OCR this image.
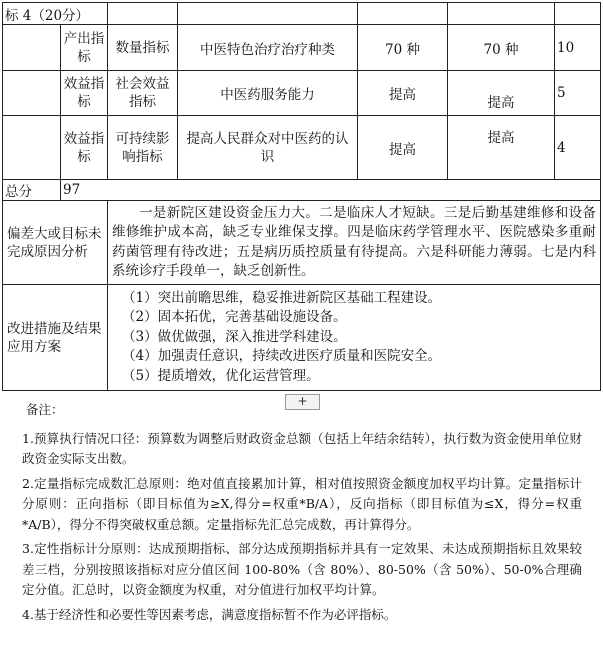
标 4（20分）						
	产出指标	数量指标	中医特色治疗治疗种类	70 种	70 种	10
	效益指标	社会效益指标	中医药服务能力	提高	提高	5
	效益指标	可持续影响指标	提高人民群众对中医药的认识	提高	提高	4
总分	97					
偏差大或目标未完成原因分析		一是新院区建设资金压力大。二是临床人才短缺。三是后勤基建维修和设备维修维护成本高，缺乏专业维保支撑。四是临床药学管理水平、医院感染多重耐药菌管理有待改进；五是病历质控质量有待提高。六是科研能力薄弱。七是内科系统诊疗手段单一，缺乏创新性。				
改进措施及结果应用方案		（1）突出前瞻思维，稳妥推进新院区基础工程建设。
（2）固本拓优，完善基础设施设备。
（3）做优做强，深入推进学科建设。
（4）加强责任意识，持续改进医疗质量和医院安全。
（5）提质增效，优化运营管理。				
+

备注：

1.预算执行情况口径：预算数为调整后财政资金总额（包括上年结余结转），执行数为资金使用单位财政资金实际支出数。

2.定量指标完成数汇总原则：绝对值直接累加计算，相对值按照资金额度加权平均计算。定量指标计分原则：正向指标（即目标值为≥X,得分=权重*B/A），反向指标（即目标值为≤X，得分=权重*A/B），得分不得突破权重总额。定量指标先汇总完成数，再计算得分。

3.定性指标计分原则：达成预期指标、部分达成预期指标并具有一定效果、未达成预期指标且效果较差三档，分别按照该指标对应分值区间 100-80%（含 80%）、80-50%（含 50%）、50-0%合理确定分值。汇总时，以资金额度为权重，对分值进行加权平均计算。

4.基于经济性和必要性等因素考虑，满意度指标暂不作为必评指标。
